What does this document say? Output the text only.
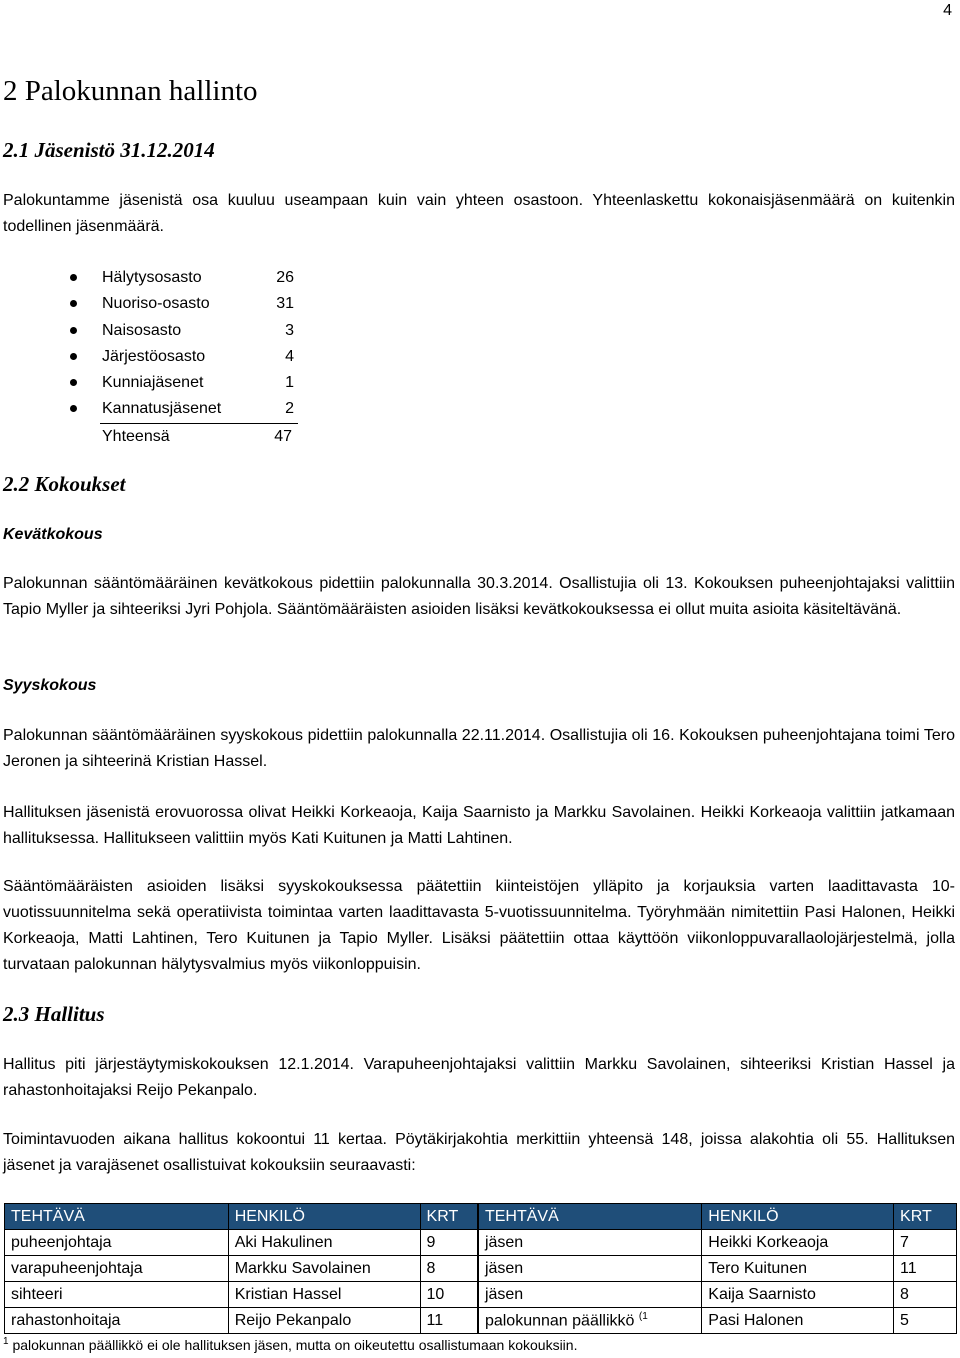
4
2 Palokunnan hallinto
2.1 Jäsenistö 31.12.2014

Palokuntamme jäsenistä osa kuuluu useampaan kuin vain yhteen osastoon. Yhteenlaskettu kokonaisjäsenmäärä on kuitenkin todellinen jäsenmäärä.

Hälytysosasto	26
Nuoriso-osasto	31
Naisosasto	3
Järjestöosasto	4
Kunniajäsenet	1
Kannatusjäsenet	2
Yhteensä	47
2.2 Kokoukset
Kevätkokous

Palokunnan sääntömääräinen kevätkokous pidettiin palokunnalla 30.3.2014. Osallistujia oli 13. Kokouksen puheenjohtajaksi valittiin Tapio Myller ja sihteeriksi Jyri Pohjola. Sääntömääräisten asioiden lisäksi kevätkokouksessa ei ollut muita asioita käsiteltävänä.

Syyskokous

Palokunnan sääntömääräinen syyskokous pidettiin palokunnalla 22.11.2014. Osallistujia oli 16. Kokouksen puheenjohtajana toimi Tero Jeronen ja sihteerinä Kristian Hassel.

Hallituksen jäsenistä erovuorossa olivat Heikki Korkeaoja, Kaija Saarnisto ja Markku Savolainen. Heikki Korkeaoja valittiin jatkamaan hallituksessa. Hallitukseen valittiin myös Kati Kuitunen ja Matti Lahtinen.

Sääntömääräisten asioiden lisäksi syyskokouksessa päätettiin kiinteistöjen ylläpito ja korjauksia varten laadittavasta 10-vuotissuunnitelma sekä operatiivista toimintaa varten laadittavasta 5-vuotissuunnitelma. Työryhmään nimitettiin Pasi Halonen, Heikki Korkeaoja, Matti Lahtinen, Tero Kuitunen ja Tapio Myller. Lisäksi päätettiin ottaa käyttöön viikonloppuvarallaolojärjestelmä, jolla turvataan palokunnan hälytysvalmius myös viikonloppuisin.

2.3 Hallitus

Hallitus piti järjestäytymiskokouksen 12.1.2014. Varapuheenjohtajaksi valittiin Markku Savolainen, sihteeriksi Kristian Hassel ja rahastonhoitajaksi Reijo Pekanpalo.

Toimintavuoden aikana hallitus kokoontui 11 kertaa. Pöytäkirjakohtia merkittiin yhteensä 148, joissa alakohtia oli 55. Hallituksen jäsenet ja varajäsenet osallistuivat kokouksiin seuraavasti:

TEHTÄVÄ	HENKILÖ	KRT	TEHTÄVÄ	HENKILÖ	KRT
puheenjohtaja	Aki Hakulinen	9	jäsen	Heikki Korkeaoja	7
varapuheenjohtaja	Markku Savolainen	8	jäsen	Tero Kuitunen	11
sihteeri	Kristian Hassel	10	jäsen	Kaija Saarnisto	8
rahastonhoitaja	Reijo Pekanpalo	11	palokunnan päällikkö $^{(1}$	Pasi Halonen	5
$^1$ palokunnan päällikkö ei ole hallituksen jäsen, mutta on oikeutettu osallistumaan kokouksiin.
